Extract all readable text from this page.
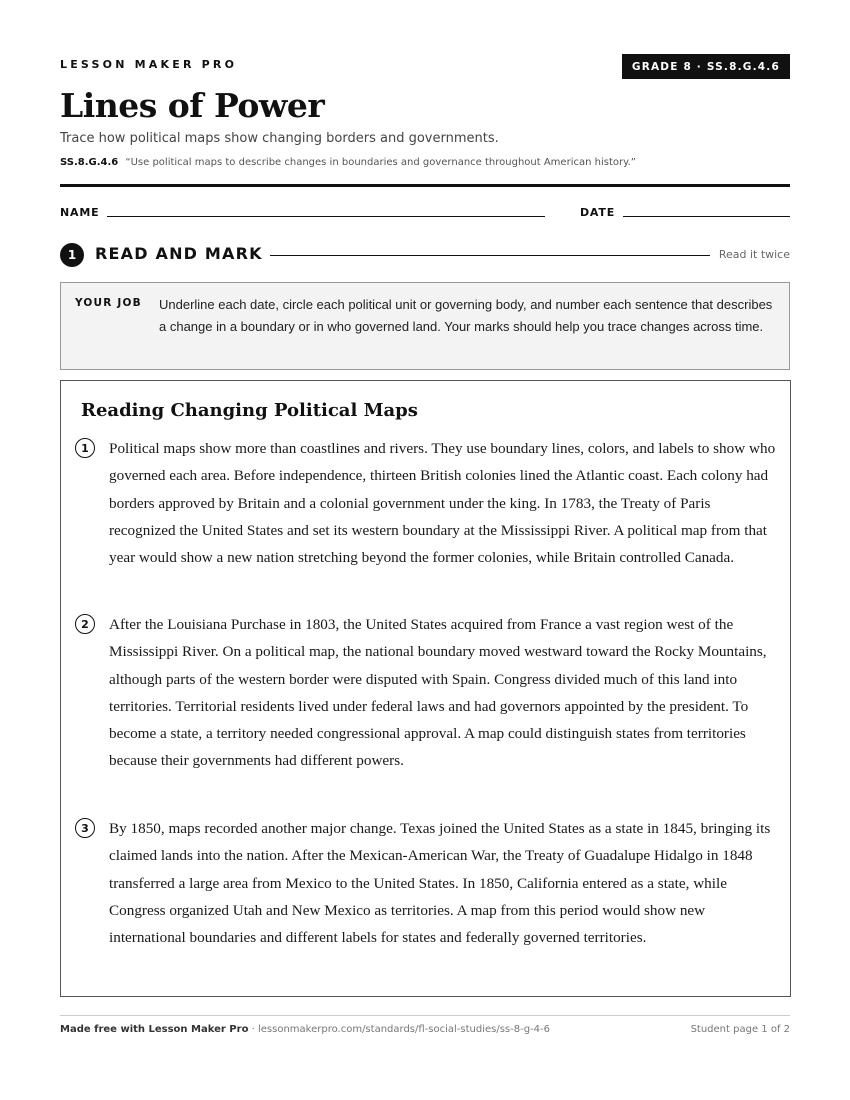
LESSON MAKER PRO	GRADE 8 · SS.8.G.4.6
Lines of Power
Trace how political maps show changing borders and governments.
SS.8.G.4.6 “Use political maps to describe changes in boundaries and governance throughout American history.”
NAME	DATE
1	READ AND MARK	Read it twice
YOUR JOB Underline each date, circle each political unit or governing body, and number each sentence that describes a change in a boundary or in who governed land. Your marks should help you trace changes across time.
Reading Changing Political Maps
1	Political maps show more than coastlines and rivers. They use boundary lines, colors, and labels to show who governed each area. Before independence, thirteen British colonies lined the Atlantic coast. Each colony had borders approved by Britain and a colonial government under the king. In 1783, the Treaty of Paris recognized the United States and set its western boundary at the Mississippi River. A political map from that year would show a new nation stretching beyond the former colonies, while Britain controlled Canada.

2	After the Louisiana Purchase in 1803, the United States acquired from France a vast region west of the Mississippi River. On a political map, the national boundary moved westward toward the Rocky Mountains, although parts of the western border were disputed with Spain. Congress divided much of this land into territories. Territorial residents lived under federal laws and had governors appointed by the president. To become a state, a territory needed congressional approval. A map could distinguish states from territories because their governments had different powers.

3	By 1850, maps recorded another major change. Texas joined the United States as a state in 1845, bringing its claimed lands into the nation. After the Mexican-American War, the Treaty of Guadalupe Hidalgo in 1848 transferred a large area from Mexico to the United States. In 1850, California entered as a state, while Congress organized Utah and New Mexico as territories. A map from this period would show new international boundaries and different labels for states and federally governed territories.

Made free with Lesson Maker Pro · lessonmakerpro.com/standards/fl-social-studies/ss-8-g-4-6	Student page 1 of 2
